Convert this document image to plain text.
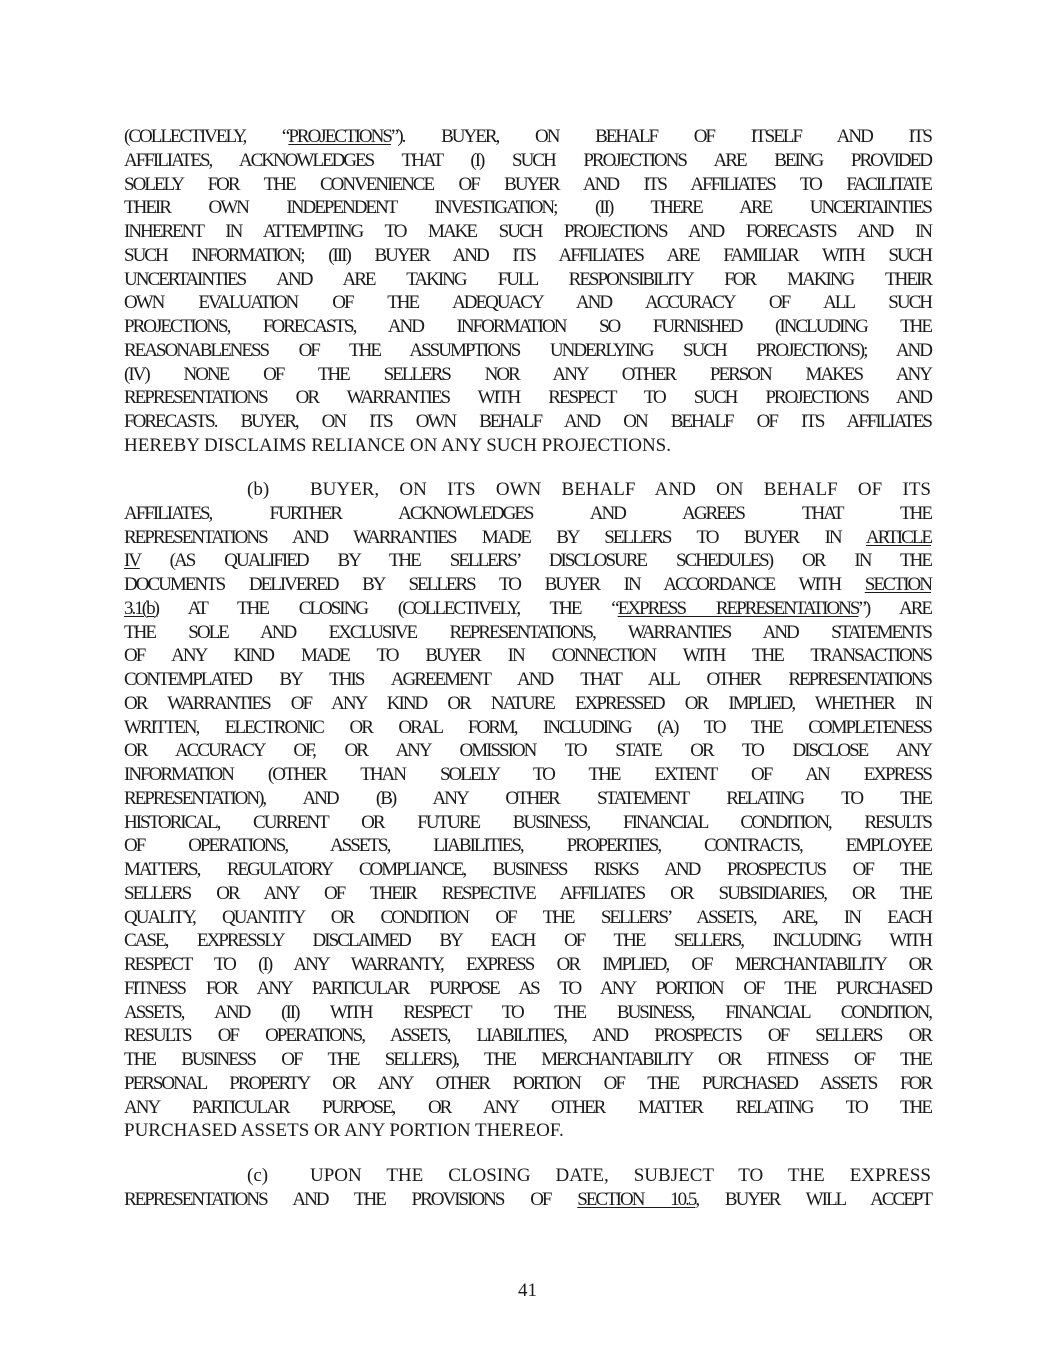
(COLLECTIVELY, “PROJECTIONS”). BUYER, ON BEHALF OF ITSELF AND ITS
AFFILIATES, ACKNOWLEDGES THAT (I) SUCH PROJECTIONS ARE BEING PROVIDED
SOLELY FOR THE CONVENIENCE OF BUYER AND ITS AFFILIATES TO FACILITATE
THEIR OWN INDEPENDENT INVESTIGATION; (II) THERE ARE UNCERTAINTIES
INHERENT IN ATTEMPTING TO MAKE SUCH PROJECTIONS AND FORECASTS AND IN
SUCH INFORMATION; (III) BUYER AND ITS AFFILIATES ARE FAMILIAR WITH SUCH
UNCERTAINTIES AND ARE TAKING FULL RESPONSIBILITY FOR MAKING THEIR
OWN EVALUATION OF THE ADEQUACY AND ACCURACY OF ALL SUCH
PROJECTIONS, FORECASTS, AND INFORMATION SO FURNISHED (INCLUDING THE
REASONABLENESS OF THE ASSUMPTIONS UNDERLYING SUCH PROJECTIONS); AND
(IV) NONE OF THE SELLERS NOR ANY OTHER PERSON MAKES ANY
REPRESENTATIONS OR WARRANTIES WITH RESPECT TO SUCH PROJECTIONS AND
FORECASTS. BUYER, ON ITS OWN BEHALF AND ON BEHALF OF ITS AFFILIATES
HEREBY DISCLAIMS RELIANCE ON ANY SUCH PROJECTIONS.
(b) BUYER, ON ITS OWN BEHALF AND ON BEHALF OF ITS
AFFILIATES, FURTHER ACKNOWLEDGES AND AGREES THAT THE
REPRESENTATIONS AND WARRANTIES MADE BY SELLERS TO BUYER IN ARTICLE
IV (AS QUALIFIED BY THE SELLERS’ DISCLOSURE SCHEDULES) OR IN THE
DOCUMENTS DELIVERED BY SELLERS TO BUYER IN ACCORDANCE WITH SECTION
3.1(b) AT THE CLOSING (COLLECTIVELY, THE “EXPRESS REPRESENTATIONS”) ARE
THE SOLE AND EXCLUSIVE REPRESENTATIONS, WARRANTIES AND STATEMENTS
OF ANY KIND MADE TO BUYER IN CONNECTION WITH THE TRANSACTIONS
CONTEMPLATED BY THIS AGREEMENT AND THAT ALL OTHER REPRESENTATIONS
OR WARRANTIES OF ANY KIND OR NATURE EXPRESSED OR IMPLIED, WHETHER IN
WRITTEN, ELECTRONIC OR ORAL FORM, INCLUDING (A) TO THE COMPLETENESS
OR ACCURACY OF, OR ANY OMISSION TO STATE OR TO DISCLOSE ANY
INFORMATION (OTHER THAN SOLELY TO THE EXTENT OF AN EXPRESS
REPRESENTATION), AND (B) ANY OTHER STATEMENT RELATING TO THE
HISTORICAL, CURRENT OR FUTURE BUSINESS, FINANCIAL CONDITION, RESULTS
OF OPERATIONS, ASSETS, LIABILITIES, PROPERTIES, CONTRACTS, EMPLOYEE
MATTERS, REGULATORY COMPLIANCE, BUSINESS RISKS AND PROSPECTUS OF THE
SELLERS OR ANY OF THEIR RESPECTIVE AFFILIATES OR SUBSIDIARIES, OR THE
QUALITY, QUANTITY OR CONDITION OF THE SELLERS’ ASSETS, ARE, IN EACH
CASE, EXPRESSLY DISCLAIMED BY EACH OF THE SELLERS, INCLUDING WITH
RESPECT TO (I) ANY WARRANTY, EXPRESS OR IMPLIED, OF MERCHANTABILITY OR
FITNESS FOR ANY PARTICULAR PURPOSE AS TO ANY PORTION OF THE PURCHASED
ASSETS, AND (II) WITH RESPECT TO THE BUSINESS, FINANCIAL CONDITION,
RESULTS OF OPERATIONS, ASSETS, LIABILITIES, AND PROSPECTS OF SELLERS OR
THE BUSINESS OF THE SELLERS), THE MERCHANTABILITY OR FITNESS OF THE
PERSONAL PROPERTY OR ANY OTHER PORTION OF THE PURCHASED ASSETS FOR
ANY PARTICULAR PURPOSE, OR ANY OTHER MATTER RELATING TO THE
PURCHASED ASSETS OR ANY PORTION THEREOF.
(c) UPON THE CLOSING DATE, SUBJECT TO THE EXPRESS
REPRESENTATIONS AND THE PROVISIONS OF SECTION 10.5, BUYER WILL ACCEPT
41
